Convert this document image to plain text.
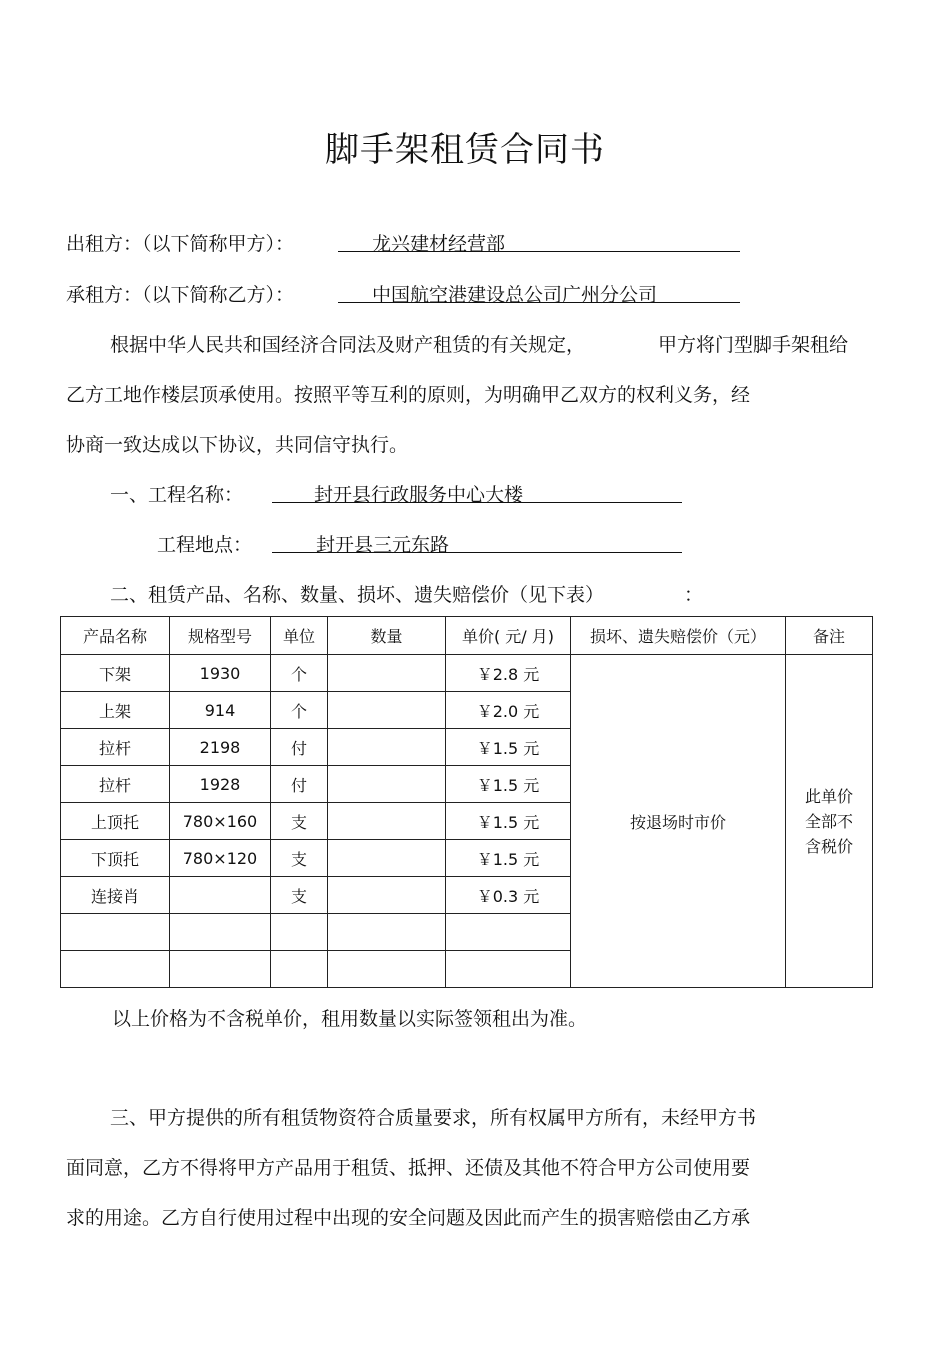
脚手架租赁合同书
出租方：（以下简称甲方）：	龙兴建材经营部
承租方：（以下简称乙方）：	中国航空港建设总公司广州分公司
根据中华人民共和国经济合同法及财产租赁的有关规定，	甲方将门型脚手架租给
乙方工地作楼层顶承使用。按照平等互利的原则，为明确甲乙双方的权利义务，经
协商一致达成以下协议，共同信守执行。
一、工程名称：	封开县行政服务中心大楼
工程地点：	封开县三元东路
二、租赁产品、名称、数量、损坏、遗失赔偿价（见下表）	：
产品名称	规格型号	单位	数量	单价( 元/ 月)	损坏、遗失赔偿价（元）	备注
下架	1930	个		￥2.8 元	按退场时市价	此单价
全部不
含税价

上架	914	个		￥2.0 元		
拉杆	2198	付		￥1.5 元		
拉杆	1928	付		￥1.5 元		
上顶托	780×160	支		￥1.5 元		
下顶托	780×120	支		￥1.5 元		
连接肖		支		￥0.3 元		

以上价格为不含税单价，租用数量以实际签领租出为准。
三、甲方提供的所有租赁物资符合质量要求，所有权属甲方所有，未经甲方书
面同意，乙方不得将甲方产品用于租赁、抵押、还债及其他不符合甲方公司使用要
求的用途。乙方自行使用过程中出现的安全问题及因此而产生的损害赔偿由乙方承
